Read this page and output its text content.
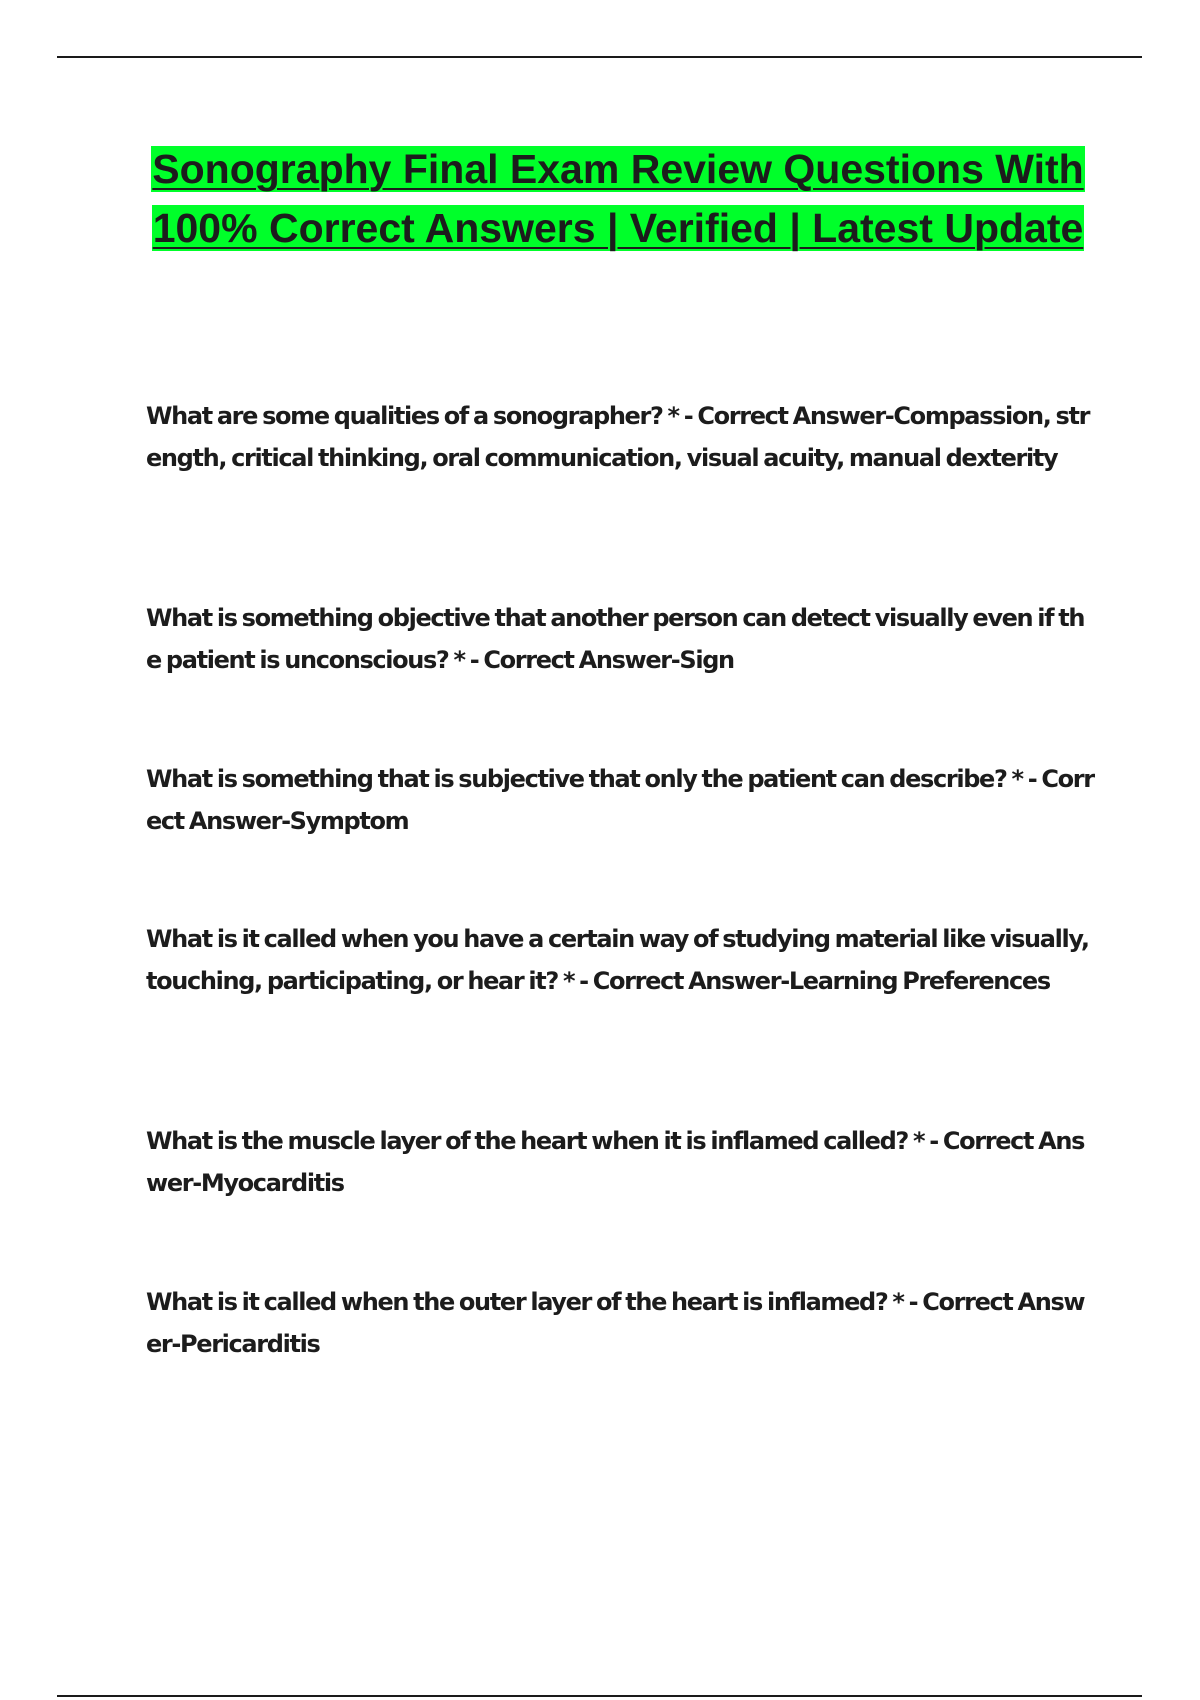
Sonography Final Exam Review Questions With 100% Correct Answers | Verified | Latest Update

What are some qualities of a sonographer? * - Correct Answer-Compassion, strength, critical thinking, oral communication, visual acuity, manual dexterity

What is something objective that another person can detect visually even if the patient is unconscious? * - Correct Answer-Sign

What is something that is subjective that only the patient can describe? * - Correct Answer-Symptom

What is it called when you have a certain way of studying material like visually, touching, participating, or hear it? * - Correct Answer-Learning Preferences

What is the muscle layer of the heart when it is inflamed called? * - Correct Answer-Myocarditis

What is it called when the outer layer of the heart is inflamed? * - Correct Answer-Pericarditis
